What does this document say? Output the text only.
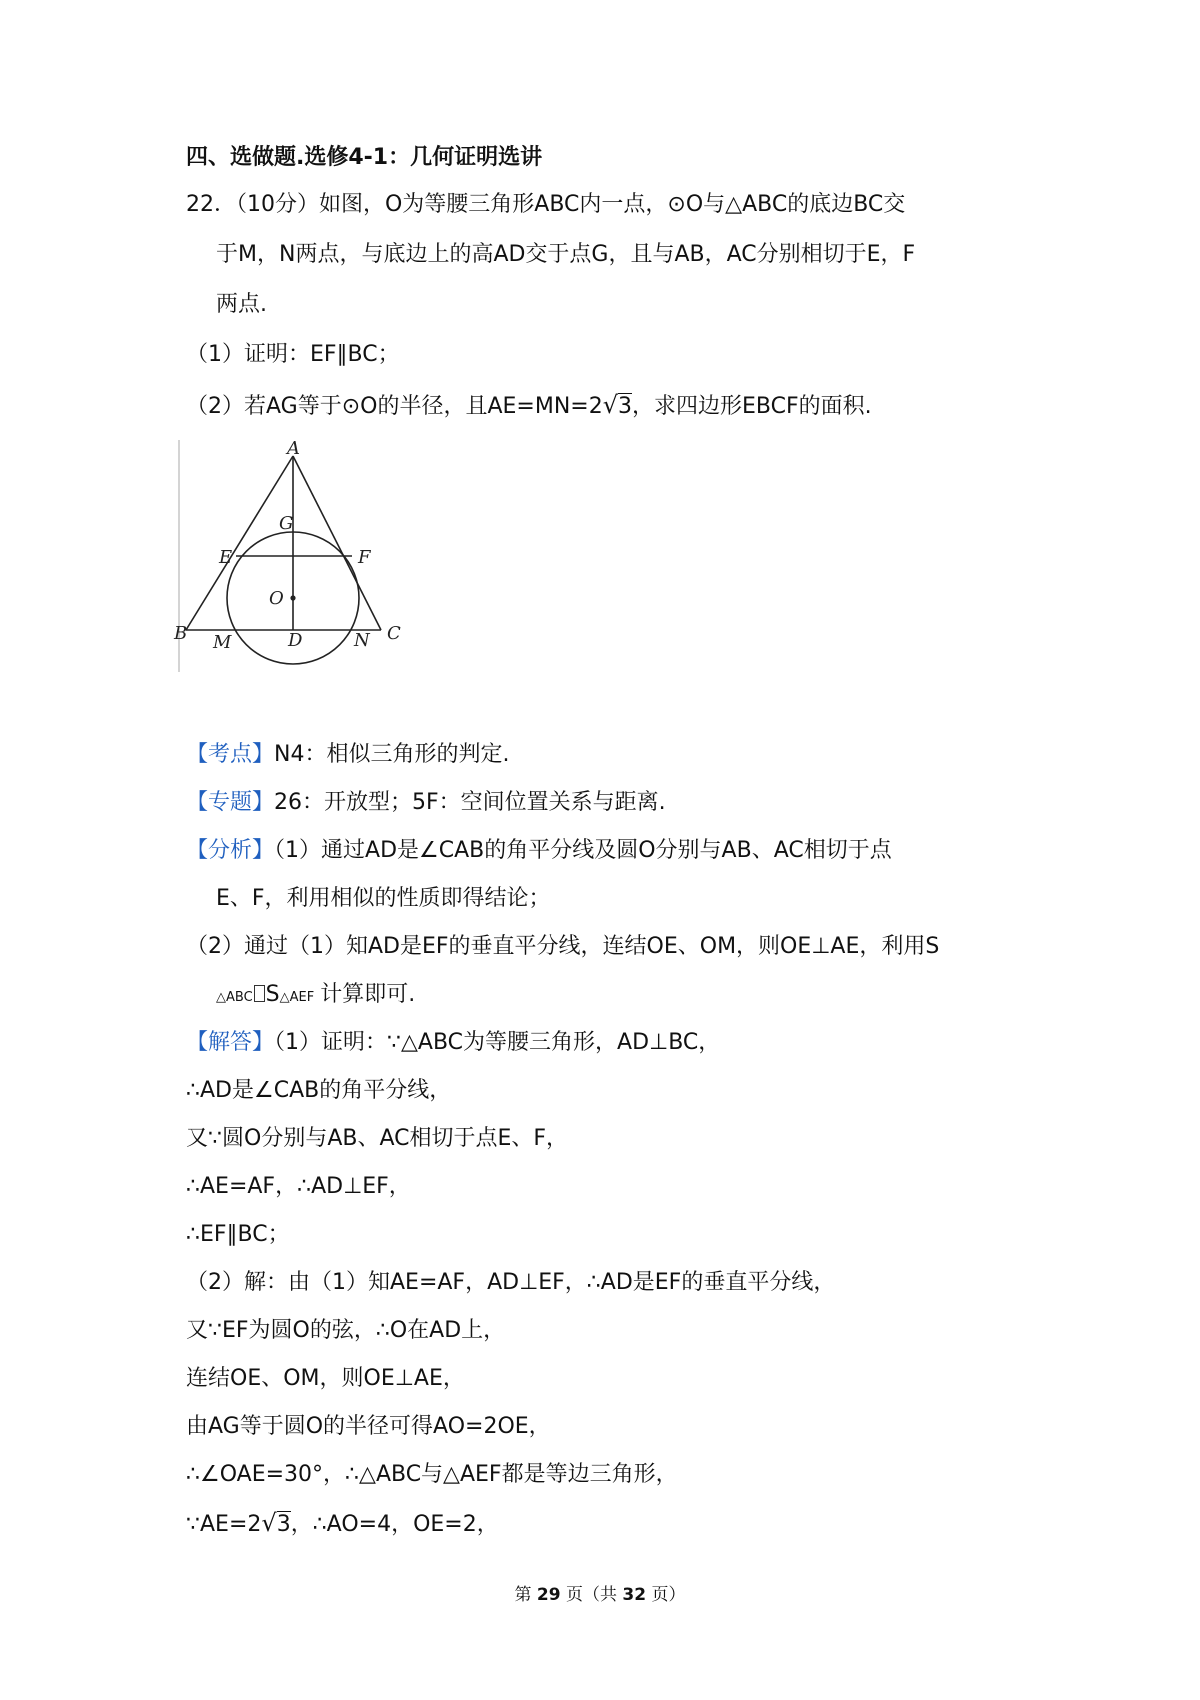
四、选做题.选修4-1：几何证明选讲
22．（10分）如图，O为等腰三角形ABC内一点，⊙O与△ABC的底边BC交
于M，N两点，与底边上的高AD交于点G，且与AB，AC分别相切于E，F
两点.
（1）证明：EF∥BC；
（2）若AG等于⊙O的半径，且AE=MN=2√3，求四边形EBCF的面积.
A
G
E	F
O
B M	D	N C
【考点】N4：相似三角形的判定.
【专题】26：开放型；5F：空间位置关系与距离.
【分析】（1）通过AD是∠CAB的角平分线及圆O分别与AB、AC相切于点
E、F，利用相似的性质即得结论；
（2）通过（1）知AD是EF的垂直平分线，连结OE、OM，则OE⊥AE，利用S
△ABC S△AEF 计算即可.
【解答】（1）证明：∵△ABC为等腰三角形，AD⊥BC，
∴AD是∠CAB的角平分线，
又∵圆O分别与AB、AC相切于点E、F，
∴AE=AF，∴AD⊥EF，
∴EF∥BC；
（2）解：由（1）知AE=AF，AD⊥EF，∴AD是EF的垂直平分线，
又∵EF为圆O的弦，∴O在AD上，
连结OE、OM，则OE⊥AE，
由AG等于圆O的半径可得AO=2OE，
∴∠OAE=30°，∴△ABC与△AEF都是等边三角形，
∵AE=2√3，∴AO=4，OE=2，
第 29 页（共 32 页）
